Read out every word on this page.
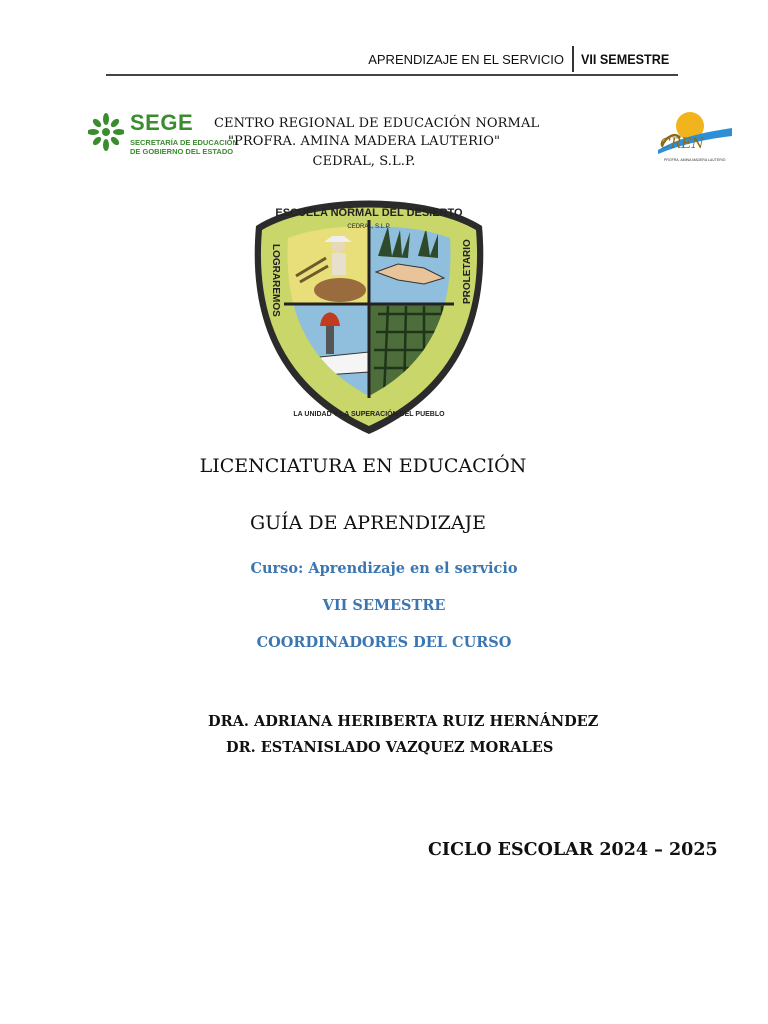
APRENDIZAJE EN EL SERVICIO VII SEMESTRE
SEGE
SECRETARÍA DE EDUCACIÓN
DE GOBIERNO DEL ESTADO
CENTRO REGIONAL DE EDUCACIÓN NORMAL
"PROFRA. AMINA MADERA LAUTERIO"
CEDRAL, S.L.P.
CREN
PROFRA. AMINA MADERA LAUTERIO
ESCUELA NORMAL DEL DESIERTO
CEDRAL, S.L.P.
LOGRAREMOS	PROLETARIO
LA UNIDAD Y LA SUPERACIÓN DEL PUEBLO
LICENCIATURA EN EDUCACIÓN
GUÍA DE APRENDIZAJE
Curso: Aprendizaje en el servicio
VII SEMESTRE
COORDINADORES DEL CURSO
DRA. ADRIANA HERIBERTA RUIZ HERNÁNDEZ
DR. ESTANISLADO VAZQUEZ MORALES
CICLO ESCOLAR 2024 – 2025
